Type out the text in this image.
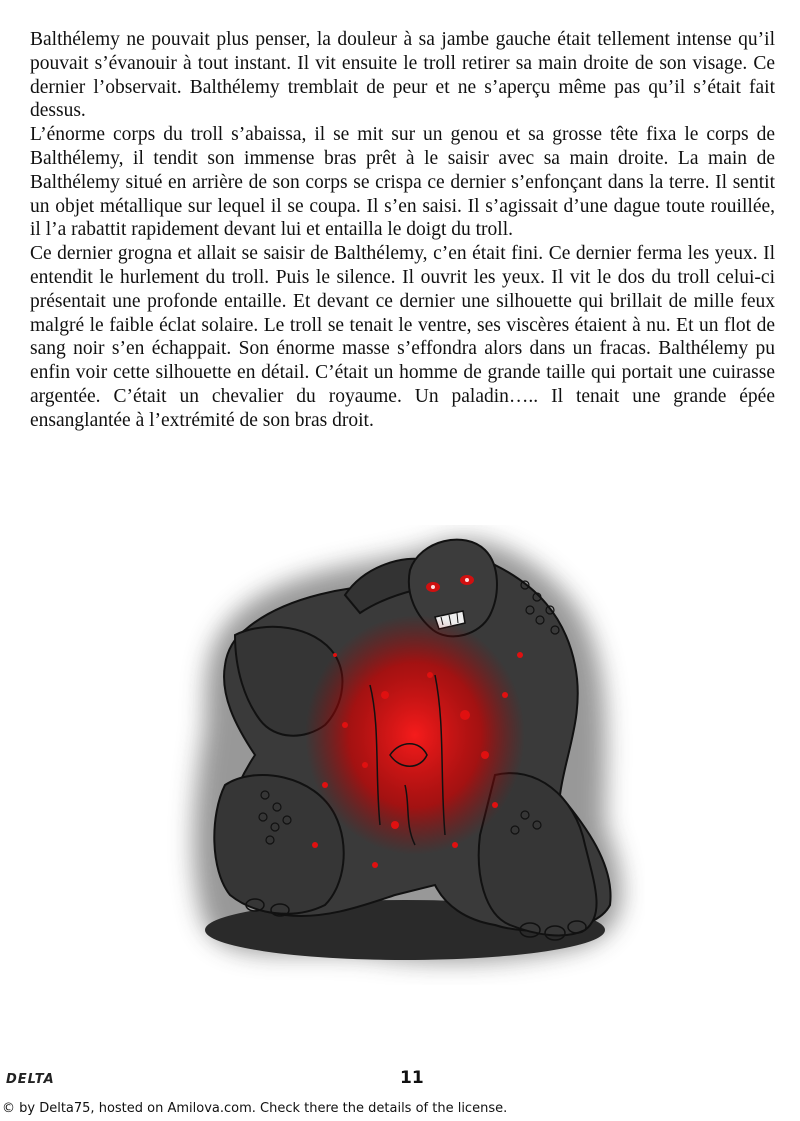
Balthélemy ne pouvait plus penser, la douleur à sa jambe gauche était tellement intense qu’il pouvait s’évanouir à tout instant. Il vit ensuite le troll retirer sa main droite de son visage. Ce dernier l’observait. Balthélemy tremblait de peur et ne s’aperçu même pas qu’il s’était fait dessus.

L’énorme corps du troll s’abaissa, il se mit sur un genou et sa grosse tête fixa le corps de Balthélemy, il tendit son immense bras prêt à le saisir avec sa main droite. La main de Balthélemy situé en arrière de son corps se crispa ce dernier s’enfonçant dans la terre. Il sentit un objet métallique sur lequel il se coupa. Il s’en saisi. Il s’agissait d’une dague toute rouillée, il l’a rabattit rapidement devant lui et entailla le doigt du troll.

Ce dernier grogna et allait se saisir de Balthélemy, c’en était fini. Ce dernier ferma les yeux. Il entendit le hurlement du troll. Puis le silence. Il ouvrit les yeux. Il vit le dos du troll celui-ci présentait une profonde entaille. Et devant ce dernier une silhouette qui brillait de mille feux malgré le faible éclat solaire. Le troll se tenait le ventre, ses viscères étaient à nu. Et un flot de sang noir s’en échappait. Son énorme masse s’effondra alors dans un fracas. Balthélemy pu enfin voir cette silhouette en détail. C’était un homme de grande taille qui portait une cuirasse argentée. C’était un chevalier du royaume. Un paladin….. Il tenait une grande épée ensanglantée à l’extrémité de son bras droit.

DELTA	11
© by Delta75, hosted on Amilova.com. Check there the details of the license.
